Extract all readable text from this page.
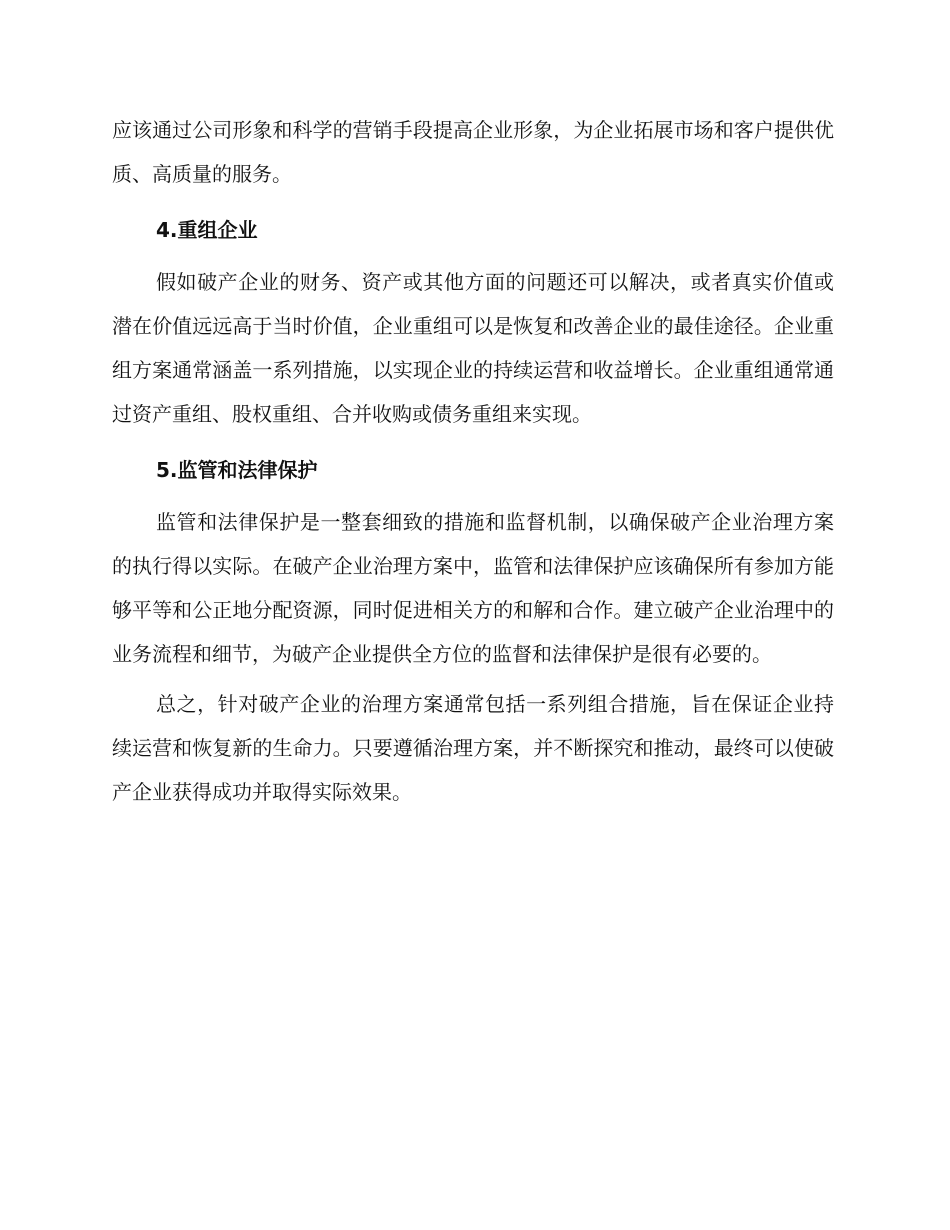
应该通过公司形象和科学的营销手段提高企业形象，为企业拓展市场和客户提供优质、高质量的服务。

4.重组企业

假如破产企业的财务、资产或其他方面的问题还可以解决，或者真实价值或潜在价值远远高于当时价值，企业重组可以是恢复和改善企业的最佳途径。企业重组方案通常涵盖一系列措施，以实现企业的持续运营和收益增长。企业重组通常通过资产重组、股权重组、合并收购或债务重组来实现。

5.监管和法律保护

监管和法律保护是一整套细致的措施和监督机制，以确保破产企业治理方案的执行得以实际。在破产企业治理方案中，监管和法律保护应该确保所有参加方能够平等和公正地分配资源，同时促进相关方的和解和合作。建立破产企业治理中的业务流程和细节，为破产企业提供全方位的监督和法律保护是很有必要的。

总之，针对破产企业的治理方案通常包括一系列组合措施，旨在保证企业持续运营和恢复新的生命力。只要遵循治理方案，并不断探究和推动，最终可以使破产企业获得成功并取得实际效果。
